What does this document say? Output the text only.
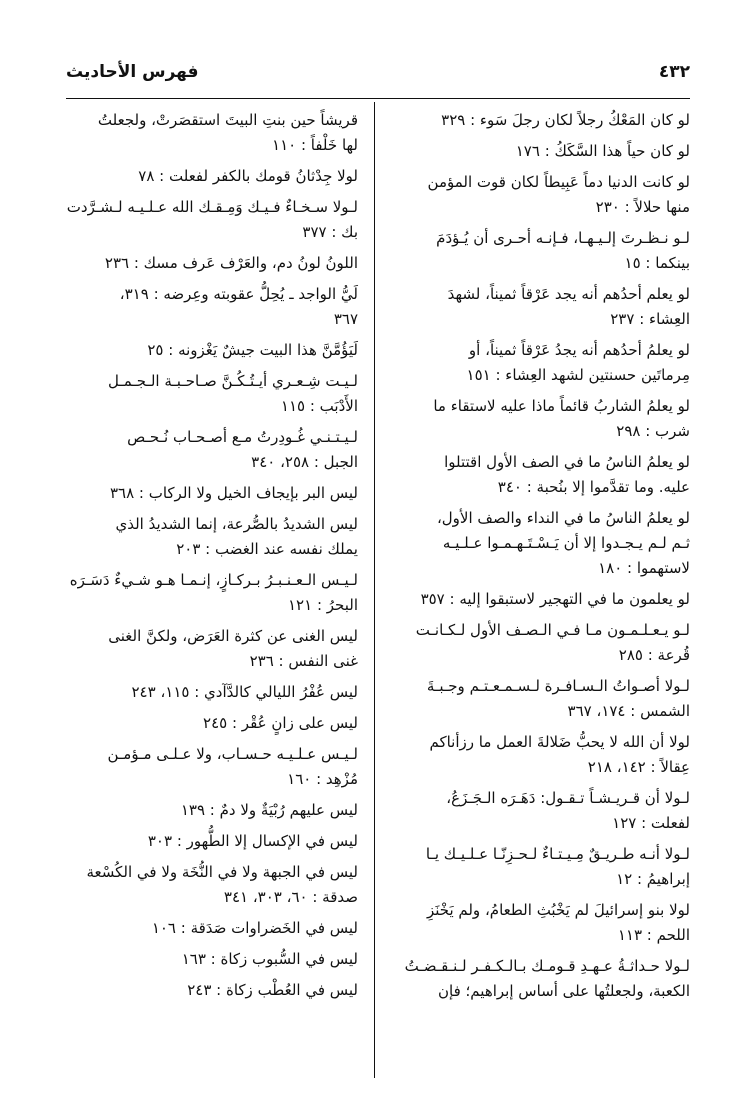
٤٣٢
فهرس الأحاديث
لو كان المَعْكُ رجلاً لكان رجلَ سَوء : ٣٢٩
لو كان حياً هذا السَّكَكُ : ١٧٦
لو كانت الدنيا دماً عَبِيطاً لكان قوت المؤمن
منها حلالاً : ٢٣٠
لـو نـظـرتَ إلـيـهـا، فـإنـه أحـرى أن يُـؤدَمَ
بينكما : ١٥
لو يعلم أحدُهم أنه يجد عَرْقاً ثميناً، لشهدَ
العِشاء : ٢٣٧
لو يعلمُ أحدُهم أنه يجدُ عَرْقاً ثميناً، أو
مِرماتَين حسنتين لشهد العِشاء : ١٥١
لو يعلمُ الشاربُ قائماً ماذا عليه لاستقاء ما
شرب : ٢٩٨
لو يعلمُ الناسُ ما في الصف الأول اقتتلوا
عليه. وما تقدَّموا إلا بنُحبة : ٣٤٠
لو يعلمُ الناسُ ما في النداء والصف الأول،
ثـم لـم يـجـدوا إلا أن يَـسْـتَـهـمـوا عـلـيـه
لاستهموا : ١٨٠
لو يعلمون ما في التهجير لاستبقوا إليه : ٣٥٧
لـو يـعـلـمـون مـا فـي الـصـف الأول لـكـانـت
قُرعة : ٢٨٥
لـولا أصـواتُ الـسـافـرة لـسـمـعـتـم وجـبـةَ
الشمس : ١٧٤، ٣٦٧
لولا أن الله لا يحبُّ ضَلالةَ العمل ما رزأناكم
عِقالاً : ١٤٢، ٢١٨
لـولا أن قـريـشـاً تـقـول: دَهَـرَه الـجَـزَعُ،
لفعلت : ١٢٧
لـولا أنـه طـريـقٌ مِـيـتـاءٌ لـحـزِنّـا عـلـيـك يـا
إبراهيمُ : ١٢
لولا بنو إسرائيلَ لم يَخْبُثِ الطعامُ، ولم يَخْنَزِ
اللحم : ١١٣
لـولا حـداثـةُ عـهـدِ قـومـك بـالـكـفـر لـنـقـضـتُ
الكعبة، ولجعلتُها على أساس إبراهيم؛ فإن
قريشاً حين بنتِ البيتَ استقصَرتْ، ولجعلتُ
لها خَلْفاً : ١١٠
لولا جِدْثانُ قومك بالكفر لفعلت : ٧٨
لـولا سـخـاءٌ فـيـك وَمِـقـك الله عـلـيـه لـشـرَّدت
بك : ٣٧٧
اللونُ لونُ دم، والعَرْف عَرف مسك : ٢٣٦
لَيُّ الواجد ـ يُحِلُّ عقوبته وعِرضه : ٣١٩،
٣٦٧
لَيَؤُمَّنَّ هذا البيت جيشٌ يَغْزونه : ٢٥
لـيـت شِـعـري أيـتُـكُـنَّ صـاحـبـة الـجـمـل
الأَدْبَب : ١١٥
لـيـتـنـي غُـودِرتُ مـع أصـحـاب نُـحـص
الجبل : ٢٥٨، ٣٤٠
ليس البر بإيجاف الخيل ولا الركاب : ٣٦٨
ليس الشديدُ بالصُّرعة، إنما الشديدُ الذي
يملك نفسه عند الغضب : ٢٠٣
لـيـس الـعـنـبـرُ بـركـازٍ، إنـمـا هـو شـيءٌ دَسَـرَه
البحرُ : ١٢١
ليس الغنى عن كثرة العَرَض، ولكنَّ الغنى
غنى النفس : ٢٣٦
ليس عُفْرُ الليالي كالدَّآدي : ١١٥، ٢٤٣
ليس على زانٍ عُقْر : ٢٤٥
لـيـس عـلـيـه حـسـاب، ولا عـلـى مـؤمـن
مُزْهِد : ١٦٠
ليس عليهم رُبْيَةٌ ولا دمٌ : ١٣٩
ليس في الإكسال إلا الطُّهور : ٣٠٣
ليس في الجبهة ولا في النُّخَة ولا في الكُسْعة
صدقة : ٦٠، ٣٠٣، ٣٤١
ليس في الخَضراوات صَدَقة : ١٠٦
ليس في السُّبوب زكاة : ١٦٣
ليس في العُطْب زكاة : ٢٤٣
